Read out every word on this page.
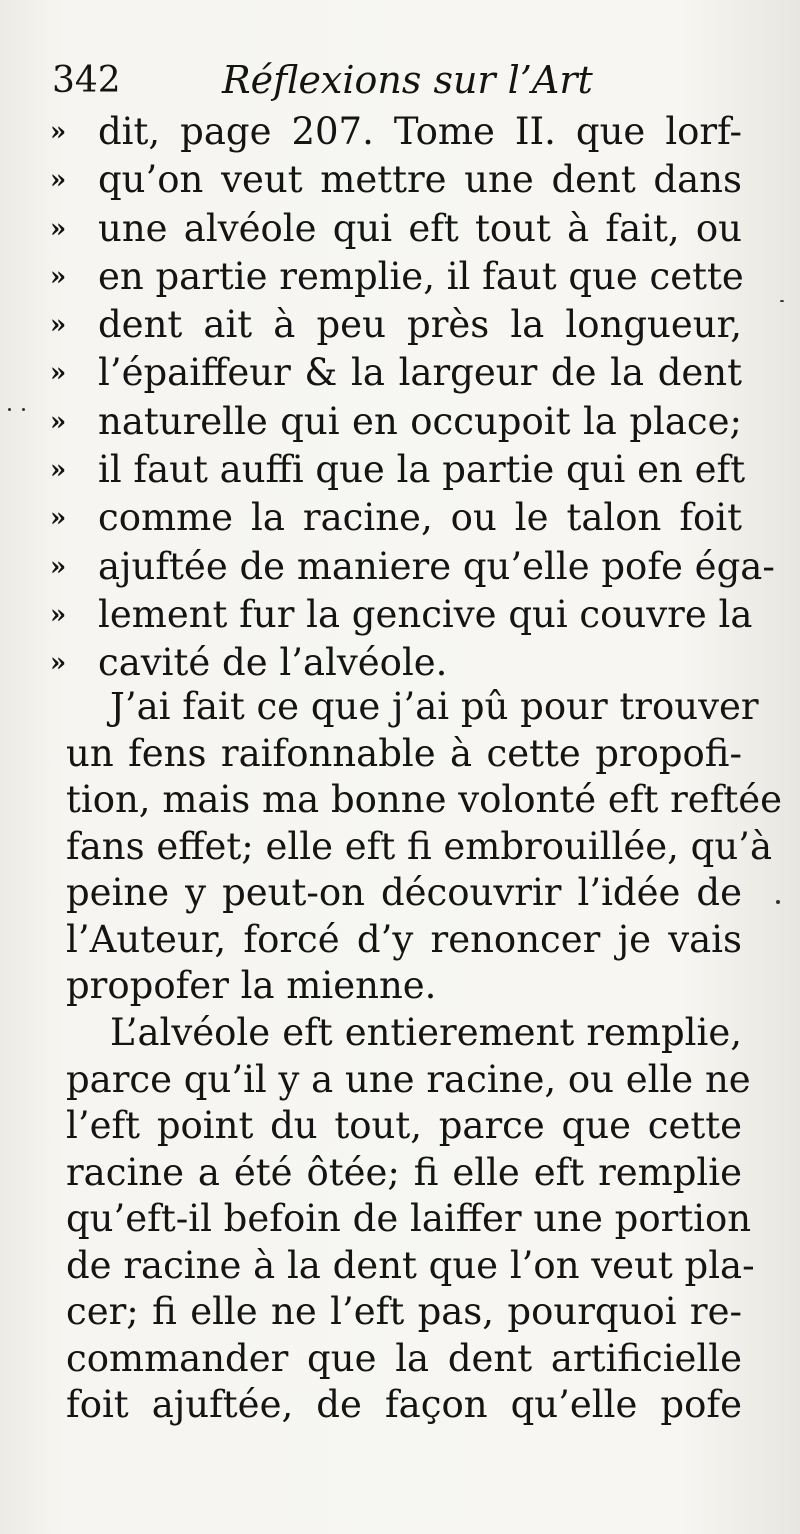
342	Réflexions sur l’Art
» dit, page 207. Tome II. que lorf-
» qu’on veut mettre une dent dans
» une alvéole qui eft tout à fait, ou
» en partie remplie, il faut que cette
» dent ait à peu près la longueur,
» l’épaiffeur & la largeur de la dent
» naturelle qui en occupoit la place;
» il faut auffi que la partie qui en eft
» comme la racine, ou le talon foit
» ajuftée de maniere qu’elle pofe éga-
» lement fur la gencive qui couvre la
» cavité de l’alvéole.
J’ai fait ce que j’ai pû pour trouver
un fens raifonnable à cette propofi-
tion, mais ma bonne volonté eft reftée
fans effet; elle eft fi embrouillée, qu’à
peine y peut-on découvrir l’idée de
l’Auteur, forcé d’y renoncer je vais
propofer la mienne.
L’alvéole eft entierement remplie,
parce qu’il y a une racine, ou elle ne
l’eft point du tout, parce que cette
racine a été ôtée; fi elle eft remplie
qu’eft-il befoin de laiffer une portion
de racine à la dent que l’on veut pla-
cer; fi elle ne l’eft pas, pourquoi re-
commander que la dent artificielle
foit ajuftée, de façon qu’elle pofe
